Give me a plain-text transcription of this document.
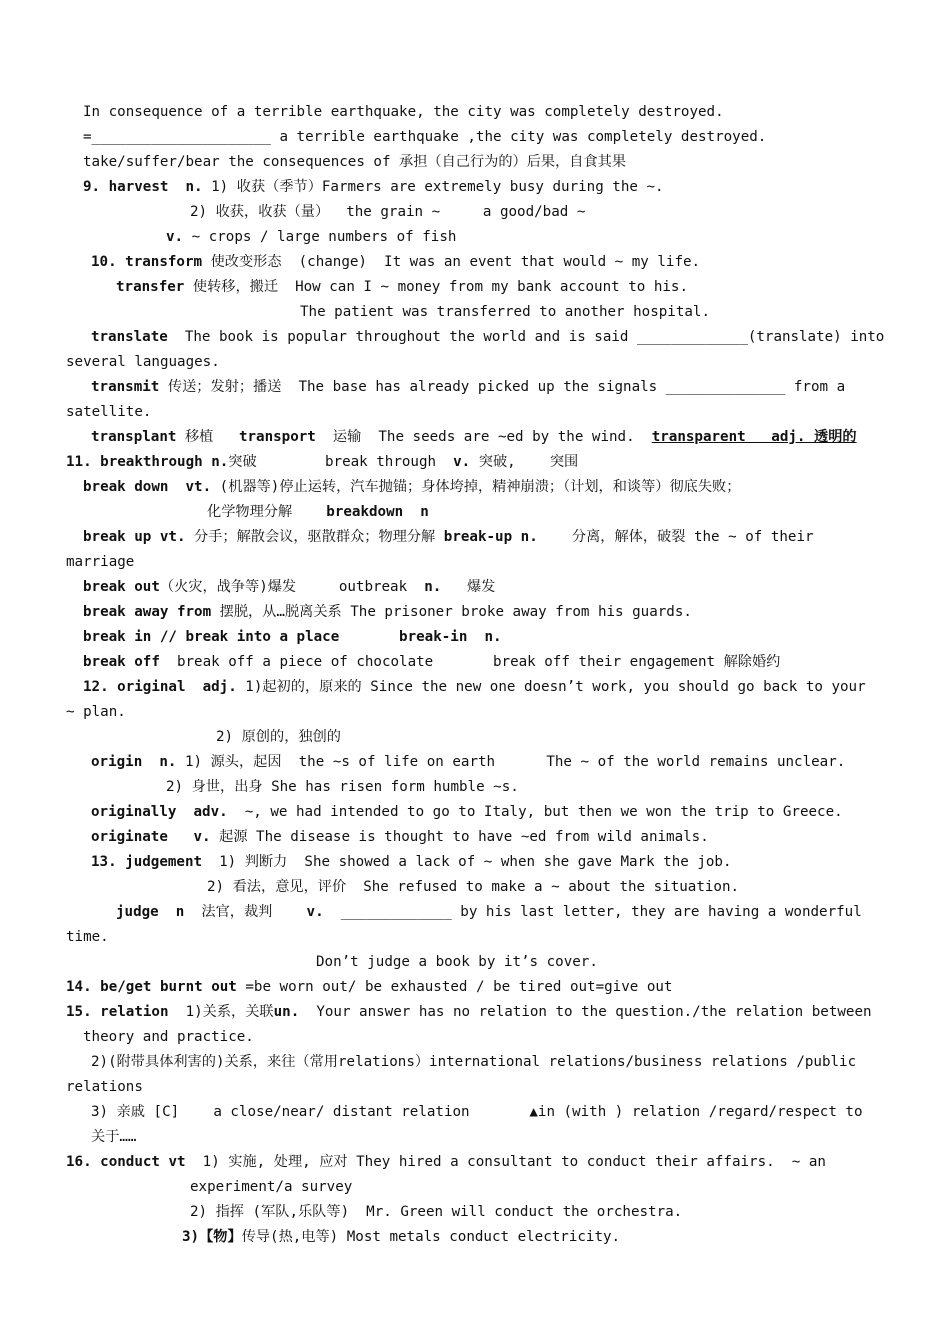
In consequence of a terrible earthquake, the city was completely destroyed.
=_____________________ a terrible earthquake ,the city was completely destroyed.
take/suffer/bear the consequences of 承担（自己行为的）后果，自食其果
9. harvest  n. 1) 收获（季节）Farmers are extremely busy during the ~.
2) 收获，收获（量）  the grain ~     a good/bad ~
v. ~ crops / large numbers of fish
10. transform 使改变形态  (change)  It was an event that would ~ my life.
transfer 使转移，搬迁  How can I ~ money from my bank account to his.
The patient was transferred to another hospital.
translate  The book is popular throughout the world and is said _____________(translate) into
several languages.
transmit 传送；发射；播送  The base has already picked up the signals ______________ from a
satellite.
transplant 移植   transport  运输  The seeds are ~ed by the wind.  transparent   adj. 透明的
11. breakthrough n.突破        break through  v. 突破,    突围
break down  vt. (机器等)停止运转，汽车抛锚；身体垮掉，精神崩溃；（计划，和谈等）彻底失败；
化学物理分解    breakdown  n
break up vt. 分手；解散会议，驱散群众；物理分解 break-up n.    分离，解体，破裂 the ~ of their
marriage
break out（火灾，战争等)爆发     outbreak  n.   爆发
break away from 摆脱，从…脱离关系 The prisoner broke away from his guards.
break in // break into a place       break-in  n.
break off  break off a piece of chocolate       break off their engagement 解除婚约
12. original  adj. 1)起初的，原来的 Since the new one doesn’t work, you should go back to your
~ plan.
2) 原创的，独创的
origin  n. 1) 源头，起因  the ~s of life on earth      The ~ of the world remains unclear.
2) 身世，出身 She has risen form humble ~s.
originally  adv.  ~, we had intended to go to Italy, but then we won the trip to Greece.
originate   v. 起源 The disease is thought to have ~ed from wild animals.
13. judgement  1) 判断力  She showed a lack of ~ when she gave Mark the job.
2) 看法，意见，评价  She refused to make a ~ about the situation.
judge  n  法官，裁判    v.  _____________ by his last letter, they are having a wonderful
time.
Don’t judge a book by it’s cover.
14. be/get burnt out =be worn out/ be exhausted / be tired out=give out
15. relation  1)关系，关联un.  Your answer has no relation to the question./the relation between
theory and practice.
2)(附带具体利害的)关系，来往（常用relations）international relations/business relations /public
relations
3) 亲戚 [C]    a close/near/ distant relation       ▲in (with ) relation /regard/respect to
关于……
16. conduct vt  1) 实施, 处理, 应对 They hired a consultant to conduct their affairs.  ~ an
experiment/a survey
2) 指挥 (军队,乐队等)  Mr. Green will conduct the orchestra.
3)【物】传导(热,电等) Most metals conduct electricity.
